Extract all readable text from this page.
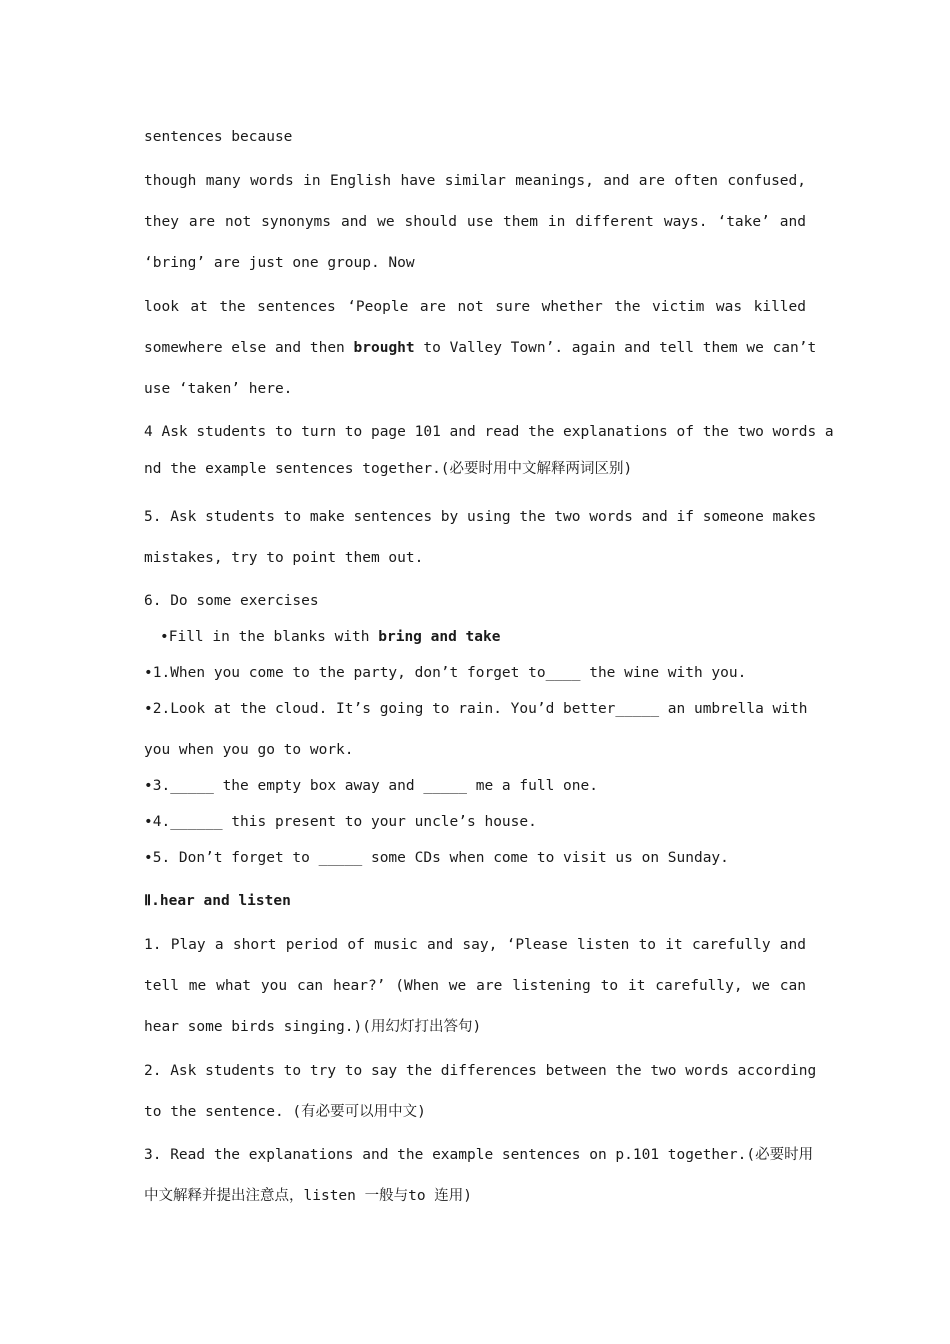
sentences because
though many words in English have similar meanings, and are often confused,
they are not synonyms and we should use them in different ways. ‘take’ and
‘bring’ are just one group. Now
look at the sentences ‘People are not sure whether the victim was killed
somewhere else and then brought to Valley Town’. again and tell them we can’t
use ‘taken’ here.
4 Ask students to turn to page 101 and read the explanations of the two words a
nd the example sentences together.(必要时用中文解释两词区别)
5. Ask students to make sentences by using the two words and if someone makes
mistakes, try to point them out.
6. Do some exercises
•Fill in the blanks with bring and take
•1.When you come to the party, don’t forget to____ the wine with you.
•2.Look at the cloud. It’s going to rain. You’d better_____ an umbrella with
you when you go to work.
•3._____ the empty box away and _____ me a full one.
•4.______ this present to your uncle’s house.
•5. Don’t forget to _____ some CDs when come to visit us on Sunday.
Ⅱ.hear and listen
1. Play a short period of music and say, ‘Please listen to it carefully and
tell me what you can hear?’ (When we are listening to it carefully, we can
hear some birds singing.)(用幻灯打出答句)
2. Ask students to try to say the differences between the two words according
to the sentence. (有必要可以用中文)
3. Read the explanations and the example sentences on p.101 together.(必要时用
中文解释并提出注意点，listen 一般与to 连用)
